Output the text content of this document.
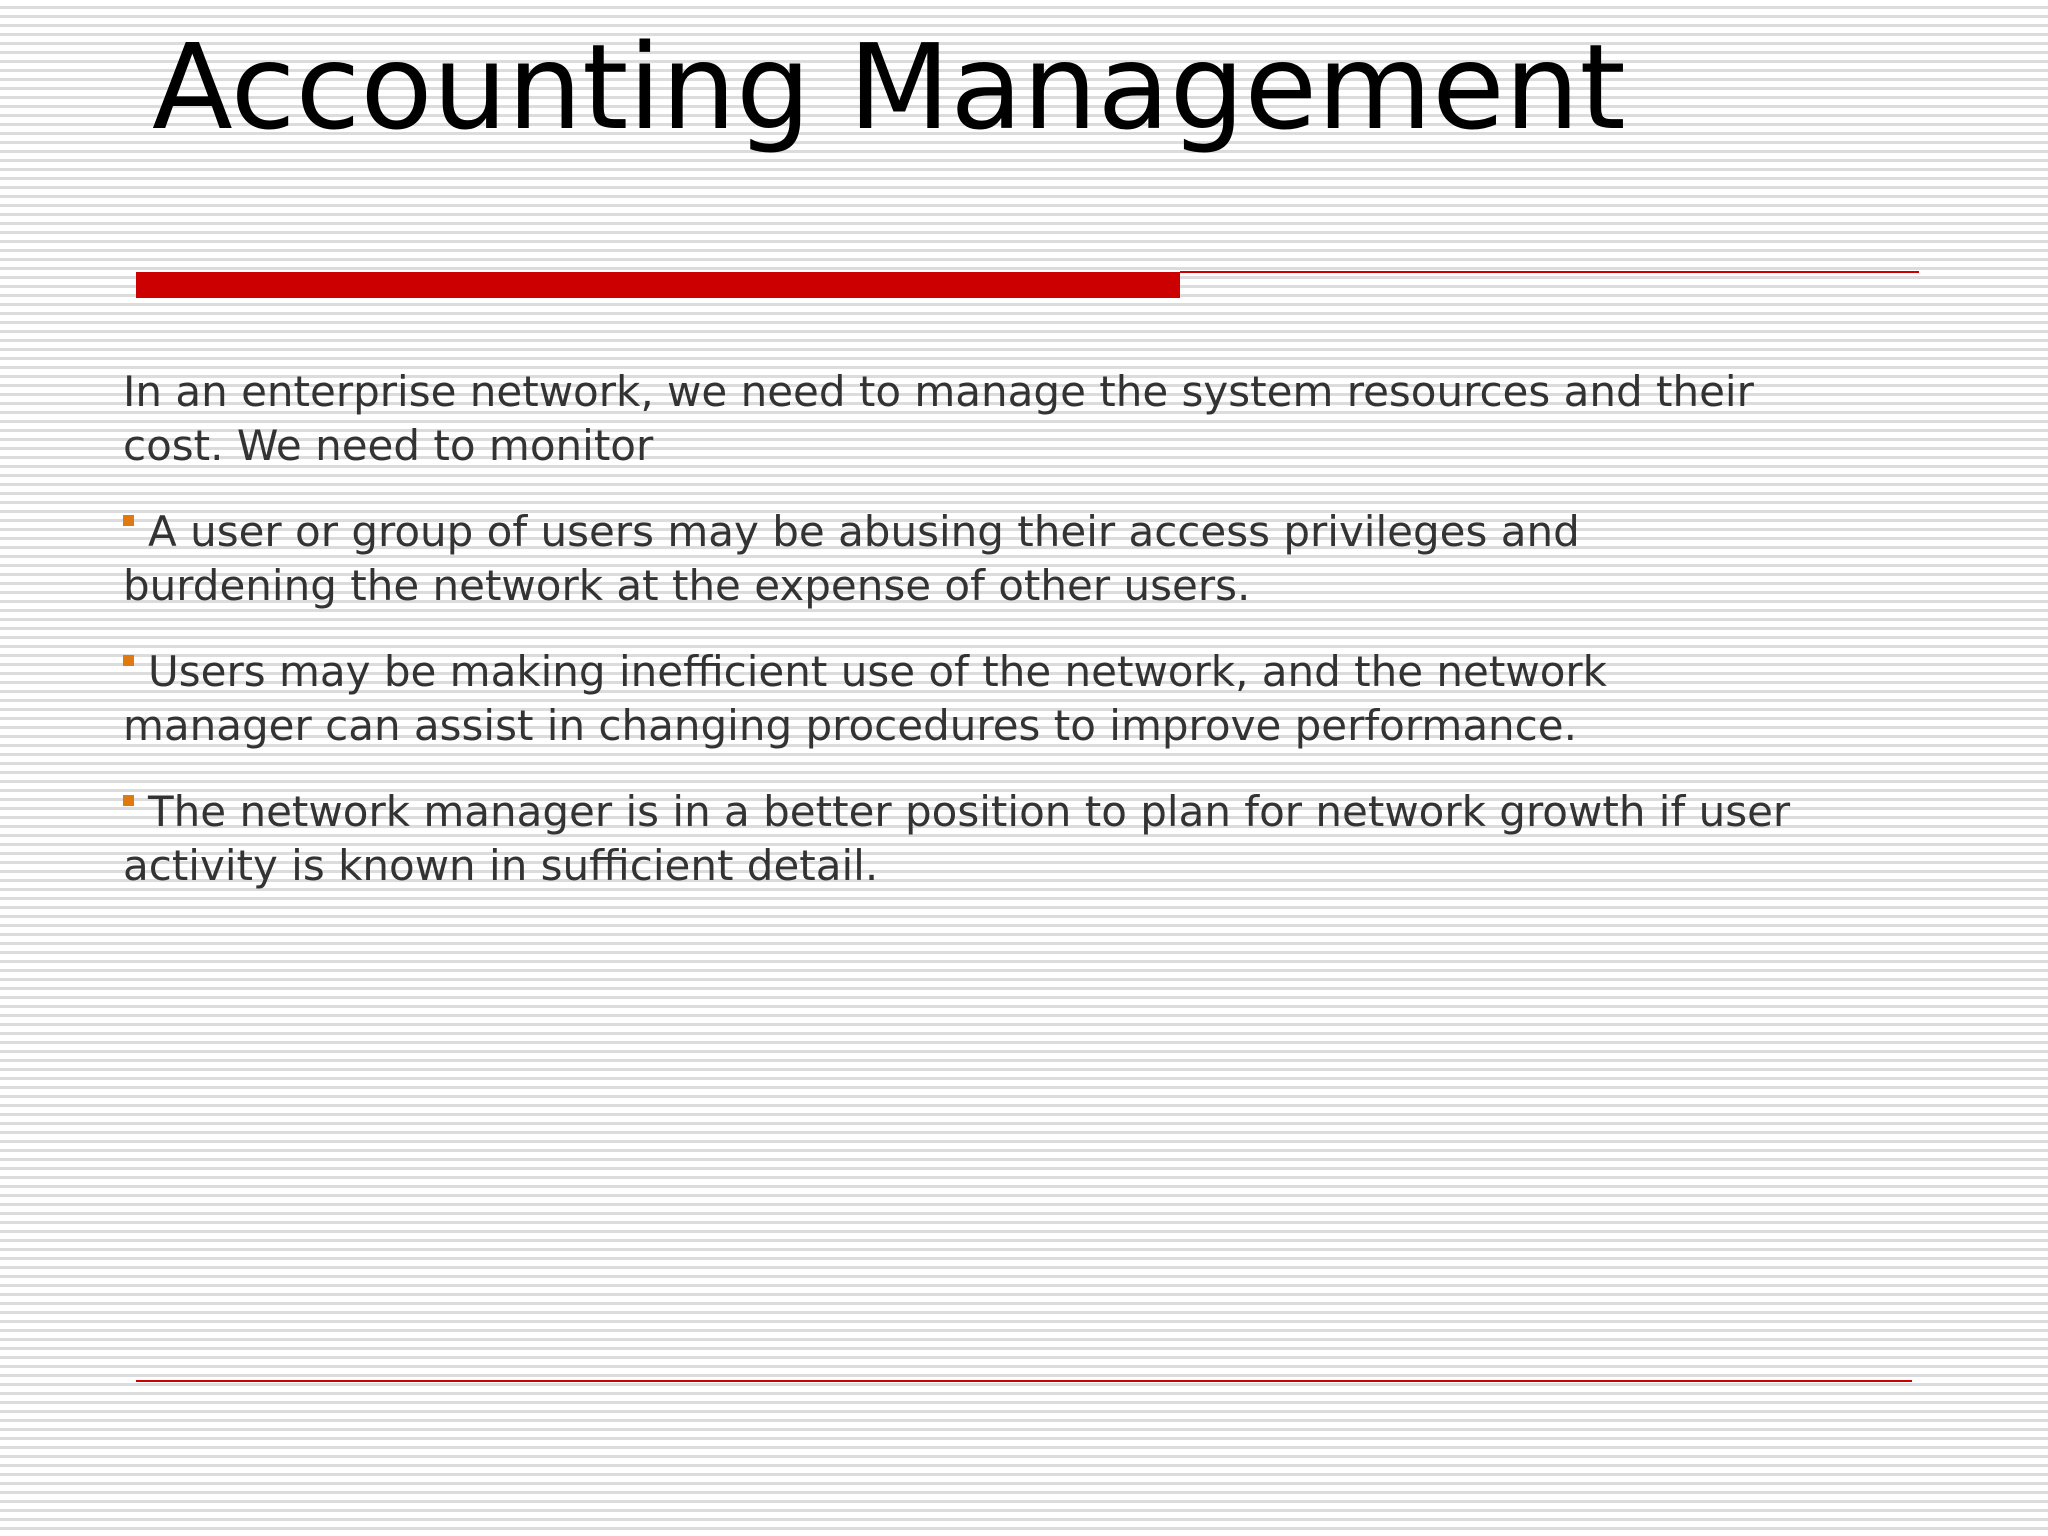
Accounting Management

In an enterprise network, we need to manage the system resources and their cost. We need to monitor

A user or group of users may be abusing their access privileges and burdening the network at the expense of other users.

Users may be making inefficient use of the network, and the network manager can assist in changing procedures to improve performance.

The network manager is in a better position to plan for network growth if user activity is known in sufficient detail.
